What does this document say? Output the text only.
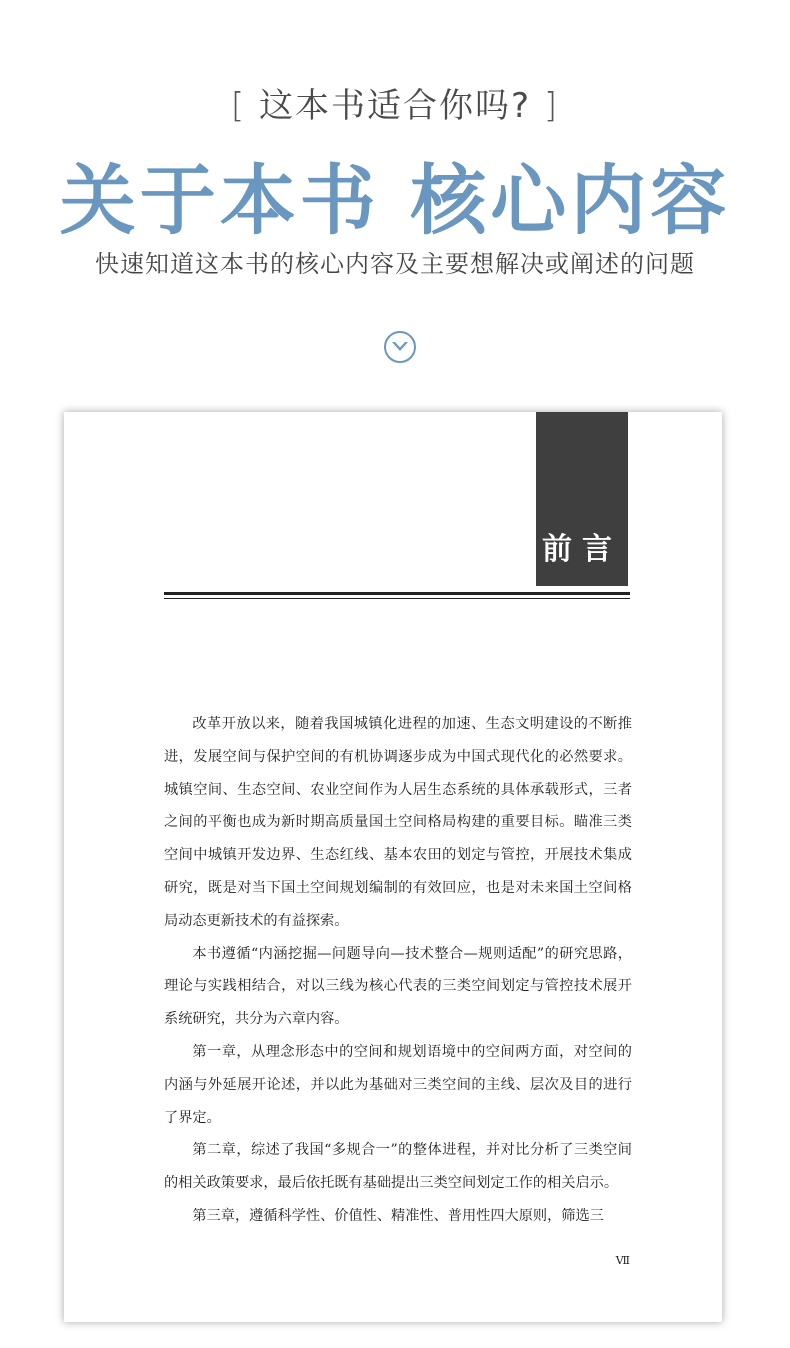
[ 这本书适合你吗? ]
关于本书 核心内容
快速知道这本书的核心内容及主要想解决或阐述的问题
前言

改革开放以来，随着我国城镇化进程的加速、生态文明建设的不断推进，发展空间与保护空间的有机协调逐步成为中国式现代化的必然要求。城镇空间、生态空间、农业空间作为人居生态系统的具体承载形式，三者之间的平衡也成为新时期高质量国土空间格局构建的重要目标。瞄准三类空间中城镇开发边界、生态红线、基本农田的划定与管控，开展技术集成研究，既是对当下国土空间规划编制的有效回应，也是对未来国土空间格局动态更新技术的有益探索。

本书遵循“内涵挖掘—问题导向—技术整合—规则适配”的研究思路，理论与实践相结合，对以三线为核心代表的三类空间划定与管控技术展开系统研究，共分为六章内容。

第一章，从理念形态中的空间和规划语境中的空间两方面，对空间的内涵与外延展开论述，并以此为基础对三类空间的主线、层次及目的进行了界定。

第二章，综述了我国“多规合一”的整体进程，并对比分析了三类空间的相关政策要求，最后依托既有基础提出三类空间划定工作的相关启示。

第三章，遵循科学性、价值性、精准性、普用性四大原则，筛选三

Ⅶ
